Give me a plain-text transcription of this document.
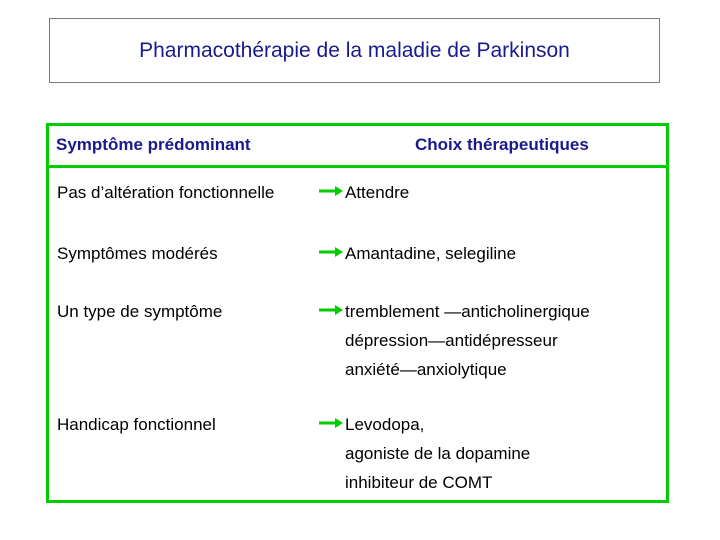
Pharmacothérapie de la maladie de Parkinson
Symptôme prédominant	Choix thérapeutiques
Pas d’altération fonctionnelle	Attendre
Symptômes modérés	Amantadine, selegiline
Un type de symptôme	tremblement —anticholinergique
dépression—antidépresseur
anxiété—anxiolytique
Handicap fonctionnel	Levodopa,
agoniste de la dopamine
inhibiteur de COMT
